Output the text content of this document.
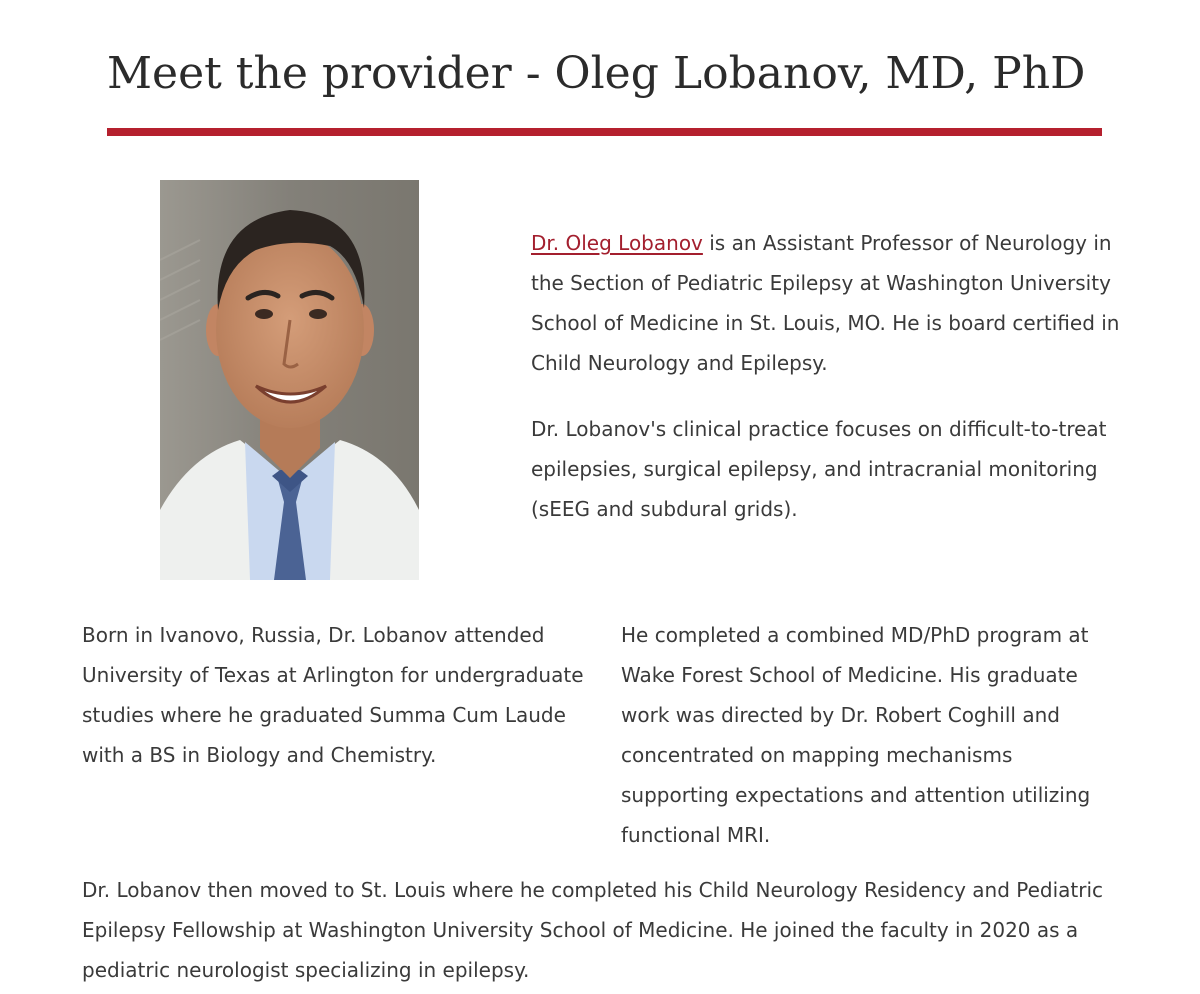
Meet the provider - Oleg Lobanov, MD, PhD

Dr. Oleg Lobanov is an Assistant Professor of Neurology in the Section of Pediatric Epilepsy at Washington University School of Medicine in St. Louis, MO. He is board certified in Child Neurology and Epilepsy.

Dr. Lobanov's clinical practice focuses on difficult-to-treat epilepsies, surgical epilepsy, and intracranial monitoring (sEEG and subdural grids).

Born in Ivanovo, Russia, Dr. Lobanov attended University of Texas at Arlington for undergraduate studies where he graduated Summa Cum Laude with a BS in Biology and Chemistry.

He completed a combined MD/PhD program at Wake Forest School of Medicine. His graduate work was directed by Dr. Robert Coghill and concentrated on mapping mechanisms supporting expectations and attention utilizing functional MRI.

Dr. Lobanov then moved to St. Louis where he completed his Child Neurology Residency and Pediatric Epilepsy Fellowship at Washington University School of Medicine. He joined the faculty in 2020 as a pediatric neurologist specializing in epilepsy.
